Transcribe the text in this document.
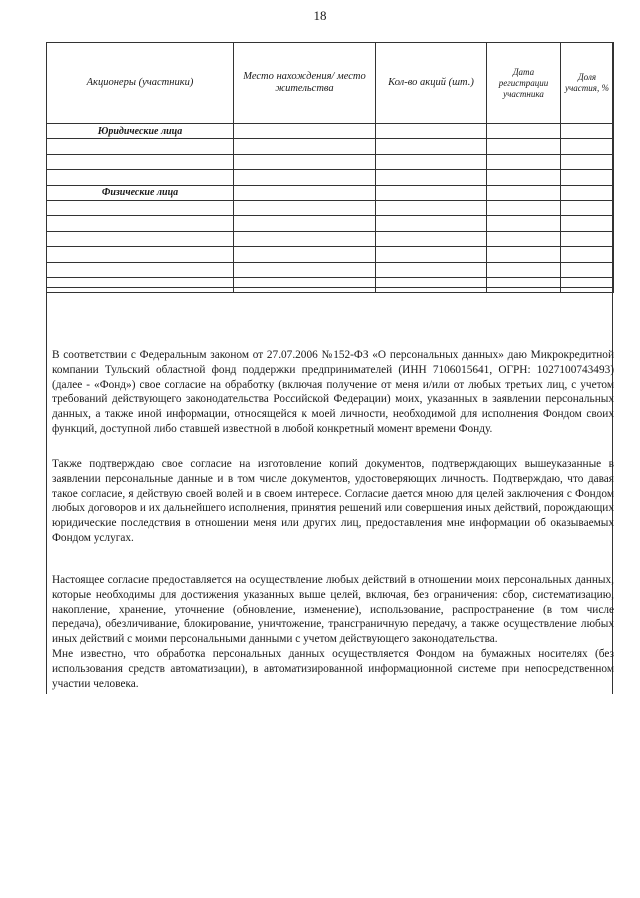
18
Акционеры (участники)	Место нахождения/ место жительства	Кол-во акций (шт.)	Дата регистрации участника	Доля участия, %
Юридические лица				

Физические лица				

В соответствии с Федеральным законом от 27.07.2006 №152-ФЗ «О персональных данных» даю Микрокредитной компании Тульский областной фонд поддержки предпринимателей (ИНН 7106015641, ОГРН: 1027100743493) (далее - «Фонд») свое согласие на обработку (включая получение от меня и/или от любых третьих лиц, с учетом требований действующего законодательства Российской Федерации) моих, указанных в заявлении персональных данных, а также иной информации, относящейся к моей личности, необходимой для исполнения Фондом своих функций, доступной либо ставшей известной в любой конкретный момент времени Фонду.

Также подтверждаю свое согласие на изготовление копий документов, подтверждающих вышеуказанные в заявлении персональные данные и в том числе документов, удостоверяющих личность. Подтверждаю, что давая такое согласие, я действую своей волей и в своем интересе. Согласие дается мною для целей заключения с Фондом любых договоров и их дальнейшего исполнения, принятия решений или совершения иных действий, порождающих юридические последствия в отношении меня или других лиц, предоставления мне информации об оказываемых Фондом услугах.

Настоящее согласие предоставляется на осуществление любых действий в отношении моих персональных данных, которые необходимы для достижения указанных выше целей, включая, без ограничения: сбор, систематизацию, накопление, хранение, уточнение (обновление, изменение), использование, распространение (в том числе передача), обезличивание, блокирование, уничтожение, трансграничную передачу, а также осуществление любых иных действий с моими персональными данными с учетом действующего законодательства.

Мне известно, что обработка персональных данных осуществляется Фондом на бумажных носителях (без использования средств автоматизации), в автоматизированной информационной системе при непосредственном участии человека.
